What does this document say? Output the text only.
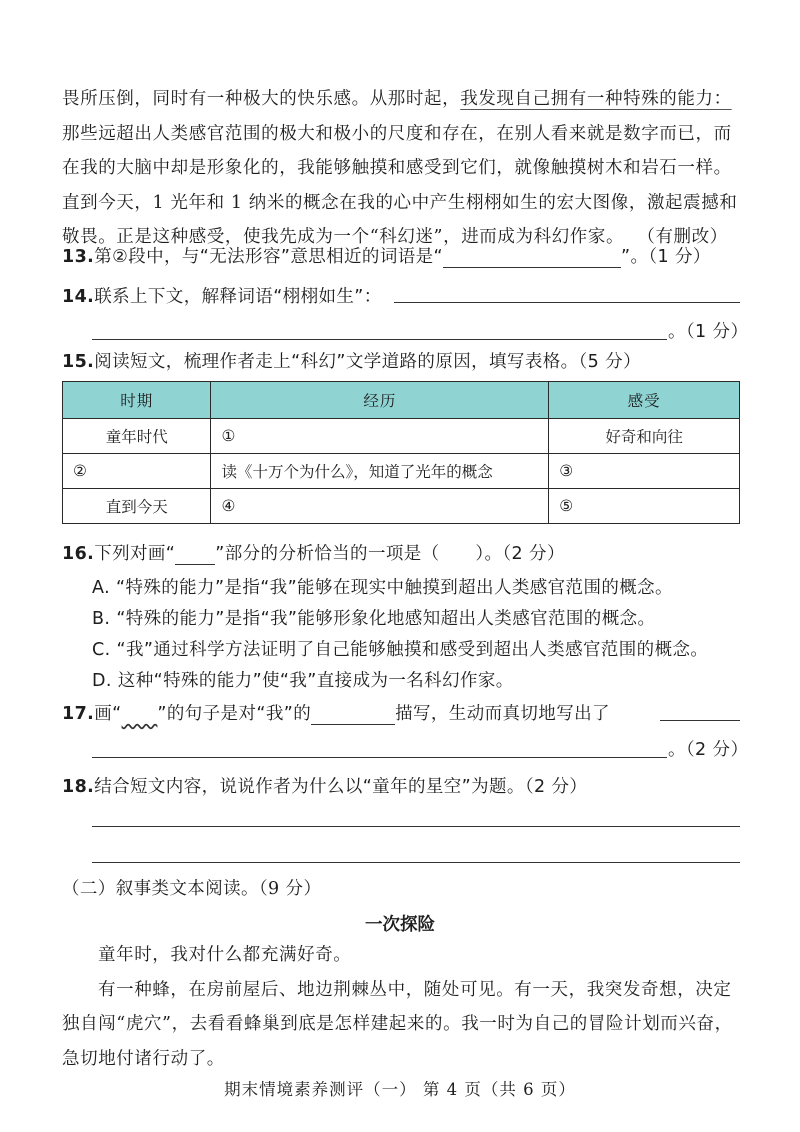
畏所压倒，同时有一种极大的快乐感。从那时起，我发现自己拥有一种特殊的能力：
那些远超出人类感官范围的极大和极小的尺度和存在，在别人看来就是数字而已，而
在我的大脑中却是形象化的，我能够触摸和感受到它们，就像触摸树木和岩石一样。
直到今天，1 光年和 1 纳米的概念在我的心中产生栩栩如生的宏大图像，激起震撼和
敬畏。正是这种感受，使我先成为一个“科幻迷”，进而成为科幻作家。 （有删改）
13.第②段中，与“无法形容”意思相近的词语是“	”。（1 分）
14.联系上下文，解释词语“栩栩如生”：
。（1 分）
15.阅读短文，梳理作者走上“科幻”文学道路的原因，填写表格。（5 分）
时期	经历	感受
童年时代	①	好奇和向往
②	读《十万个为什么》，知道了光年的概念	③
直到今天	④	⑤
16.下列对画“ ”部分的分析恰当的一项是（　　）。（2 分）
A. “特殊的能力”是指“我”能够在现实中触摸到超出人类感官范围的概念。
B. “特殊的能力”是指“我”能够形象化地感知超出人类感官范围的概念。
C. “我”通过科学方法证明了自己能够触摸和感受到超出人类感官范围的概念。
D. 这种“特殊的能力”使“我”直接成为一名科幻作家。
17.画“　　 ”的句子是对“我”的	描写，生动而真切地写出了
。（2 分）
18.结合短文内容，说说作者为什么以“童年的星空”为题。（2 分）
（二）叙事类文本阅读。（9 分）
一次探险
童年时，我对什么都充满好奇。
有一种蜂，在房前屋后、地边荆棘丛中，随处可见。有一天，我突发奇想，决定
独自闯“虎穴”，去看看蜂巢到底是怎样建起来的。我一时为自己的冒险计划而兴奋，
急切地付诸行动了。
期末情境素养测评（一） 第 4 页（共 6 页）
